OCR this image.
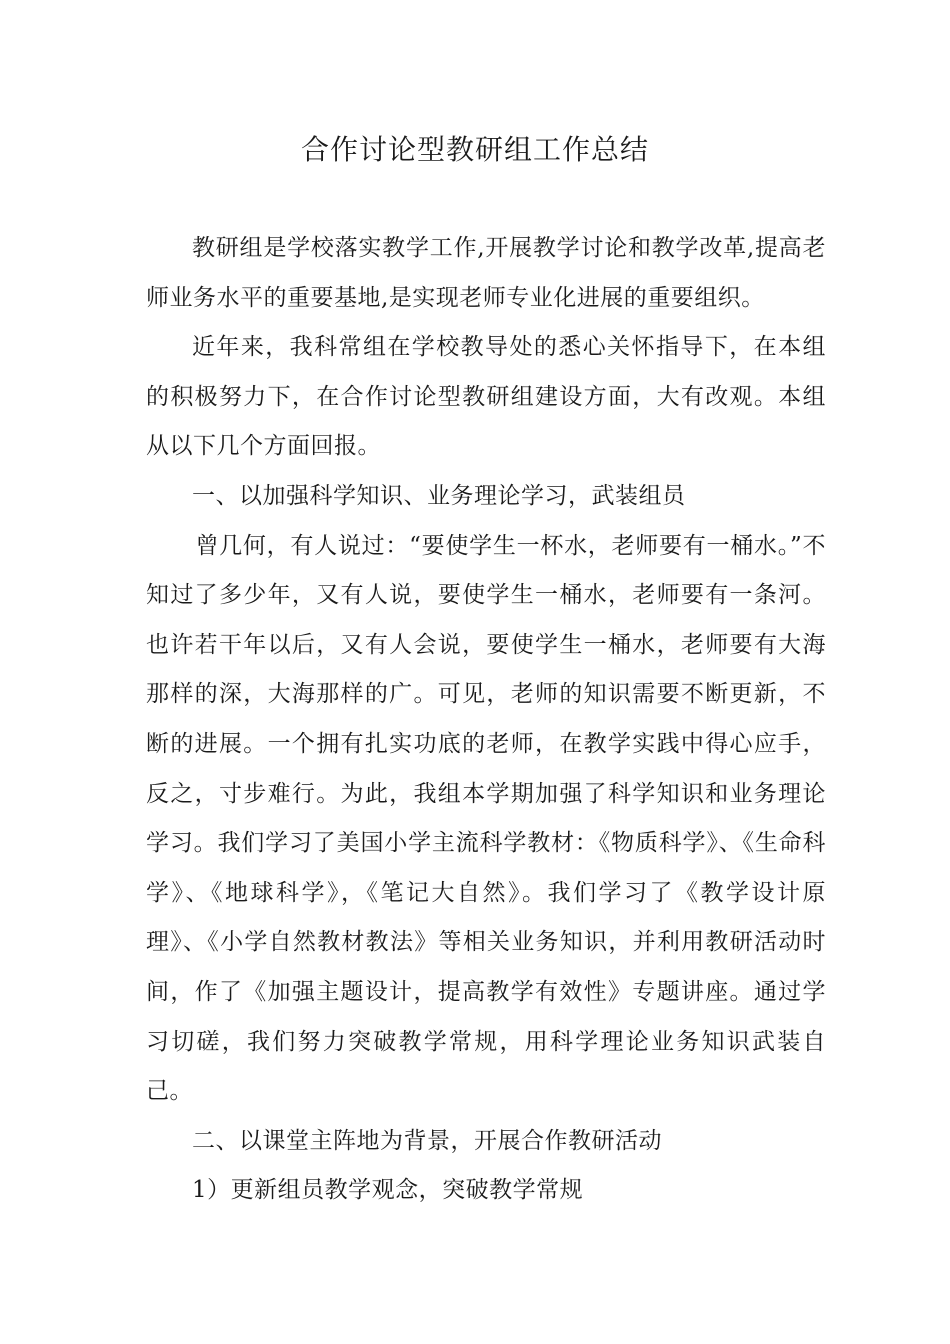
合作讨论型教研组工作总结

教研组是学校落实教学工作,开展教学讨论和教学改革,提高老师业务水平的重要基地,是实现老师专业化进展的重要组织。

近年来，我科常组在学校教导处的悉心关怀指导下，在本组的积极努力下，在合作讨论型教研组建设方面，大有改观。本组从以下几个方面回报。

一、以加强科学知识、业务理论学习，武装组员

曾几何，有人说过：“要使学生一杯水，老师要有一桶水。”不知过了多少年，又有人说，要使学生一桶水，老师要有一条河。也许若干年以后，又有人会说，要使学生一桶水，老师要有大海那样的深，大海那样的广。可见，老师的知识需要不断更新，不断的进展。一个拥有扎实功底的老师，在教学实践中得心应手，反之，寸步难行。为此，我组本学期加强了科学知识和业务理论学习。我们学习了美国小学主流科学教材：《物质科学》、《生命科学》、《地球科学》，《笔记大自然》。我们学习了《教学设计原理》、《小学自然教材教法》等相关业务知识，并利用教研活动时间，作了《加强主题设计，提高教学有效性》专题讲座。通过学习切磋，我们努力突破教学常规，用科学理论业务知识武装自己。

二、以课堂主阵地为背景，开展合作教研活动

1）更新组员教学观念，突破教学常规
